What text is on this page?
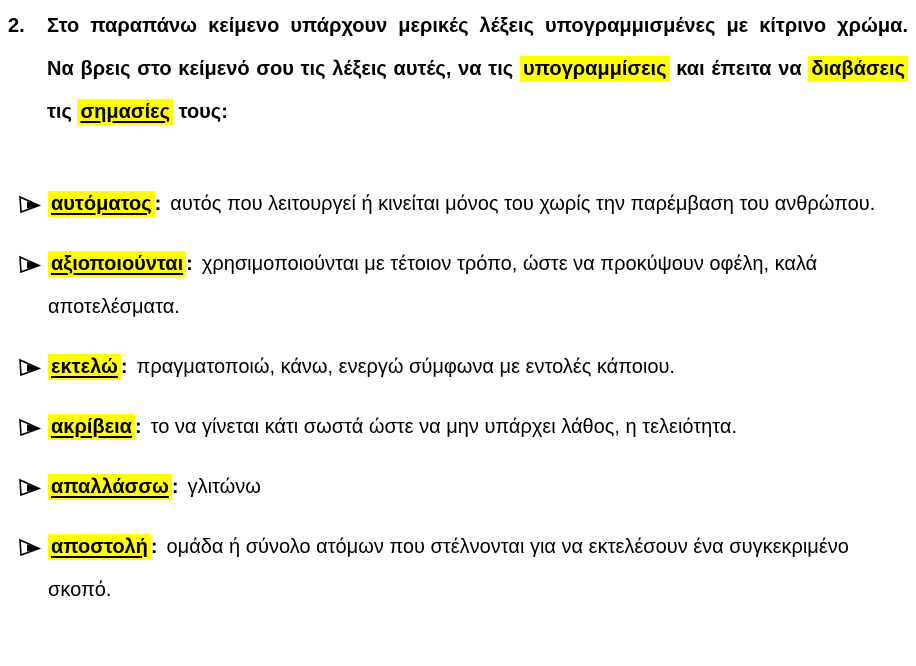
2.	Στο παραπάνω κείμενο υπάρχουν μερικές λέξεις υπογραμμισμένες με κίτρινο χρώμα.
Να βρεις στο κείμενό σου τις λέξεις αυτές, να τις υπογραμμίσεις και έπειτα να διαβάσεις τις σημασίες τους:
αυτόματος : αυτός που λειτουργεί ή κινείται μόνος του χωρίς την παρέμβαση του ανθρώπου.
αξιοποιούνται : χρησιμοποιούνται με τέτοιον τρόπο, ώστε να προκύψουν οφέλη, καλά αποτελέσματα.
εκτελώ : πραγματοποιώ, κάνω, ενεργώ σύμφωνα με εντολές κάποιου.
ακρίβεια : το να γίνεται κάτι σωστά ώστε να μην υπάρχει λάθος, η τελειότητα.
απαλλάσσω : γλιτώνω
αποστολή : ομάδα ή σύνολο ατόμων που στέλνονται για να εκτελέσουν ένα συγκεκριμένο σκοπό.
